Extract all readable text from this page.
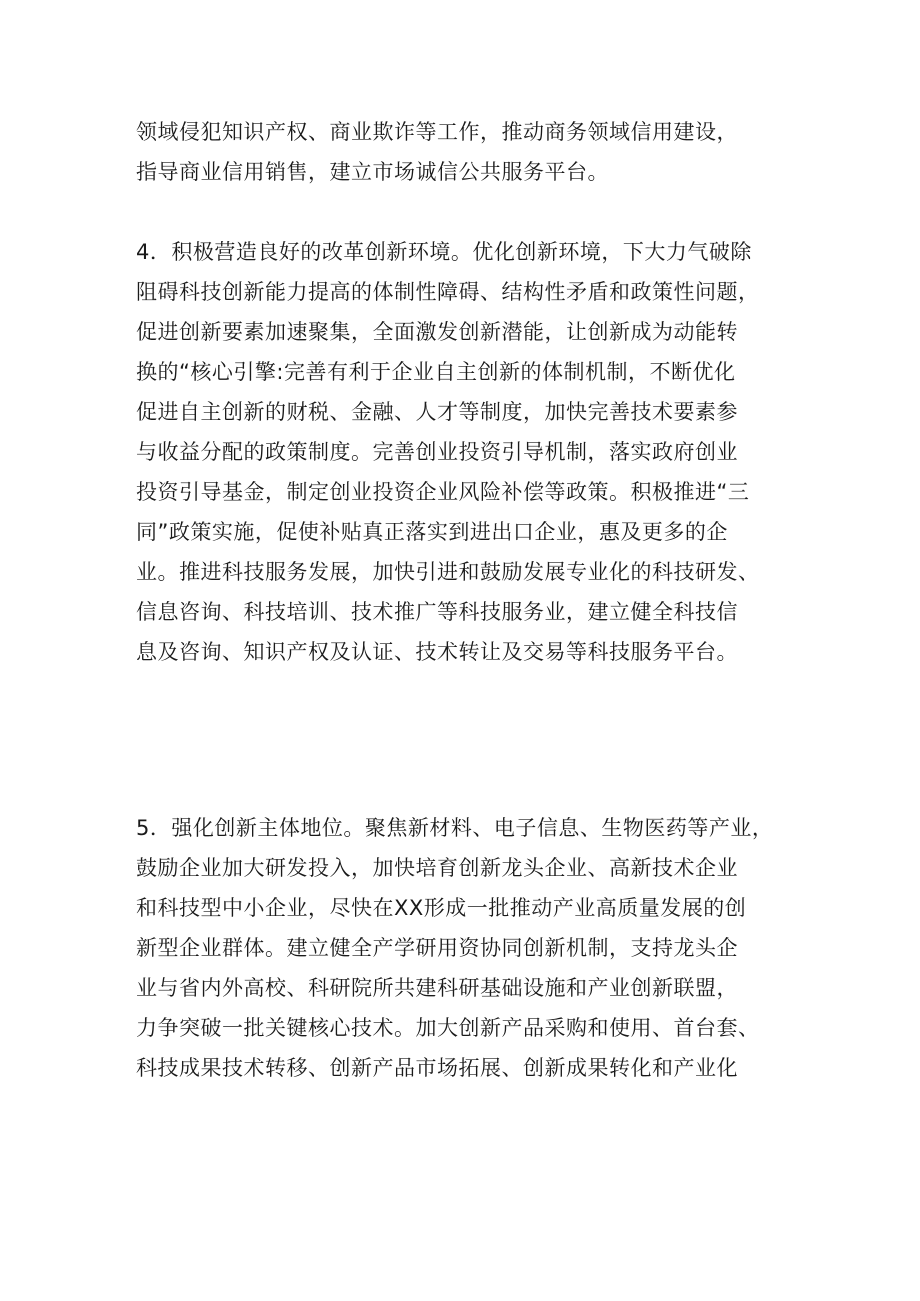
领域侵犯知识产权、商业欺诈等工作，推动商务领域信用建设，
指导商业信用销售，建立市场诚信公共服务平台。
4．积极营造良好的改革创新环境。优化创新环境，下大力气破除
阻碍科技创新能力提高的体制性障碍、结构性矛盾和政策性问题，
促进创新要素加速聚集，全面激发创新潜能，让创新成为动能转
换的“核心引擎:完善有利于企业自主创新的体制机制，不断优化
促进自主创新的财税、金融、人才等制度，加快完善技术要素参
与收益分配的政策制度。完善创业投资引导机制，落实政府创业
投资引导基金，制定创业投资企业风险补偿等政策。积极推进“三
同”政策实施，促使补贴真正落实到进出口企业，惠及更多的企
业。推进科技服务发展，加快引进和鼓励发展专业化的科技研发、
信息咨询、科技培训、技术推广等科技服务业，建立健全科技信
息及咨询、知识产权及认证、技术转让及交易等科技服务平台。
5．强化创新主体地位。聚焦新材料、电子信息、生物医药等产业，
鼓励企业加大研发投入，加快培育创新龙头企业、高新技术企业
和科技型中小企业，尽快在XX形成一批推动产业高质量发展的创
新型企业群体。建立健全产学研用资协同创新机制，支持龙头企
业与省内外高校、科研院所共建科研基础设施和产业创新联盟，
力争突破一批关键核心技术。加大创新产品采购和使用、首台套、
科技成果技术转移、创新产品市场拓展、创新成果转化和产业化
